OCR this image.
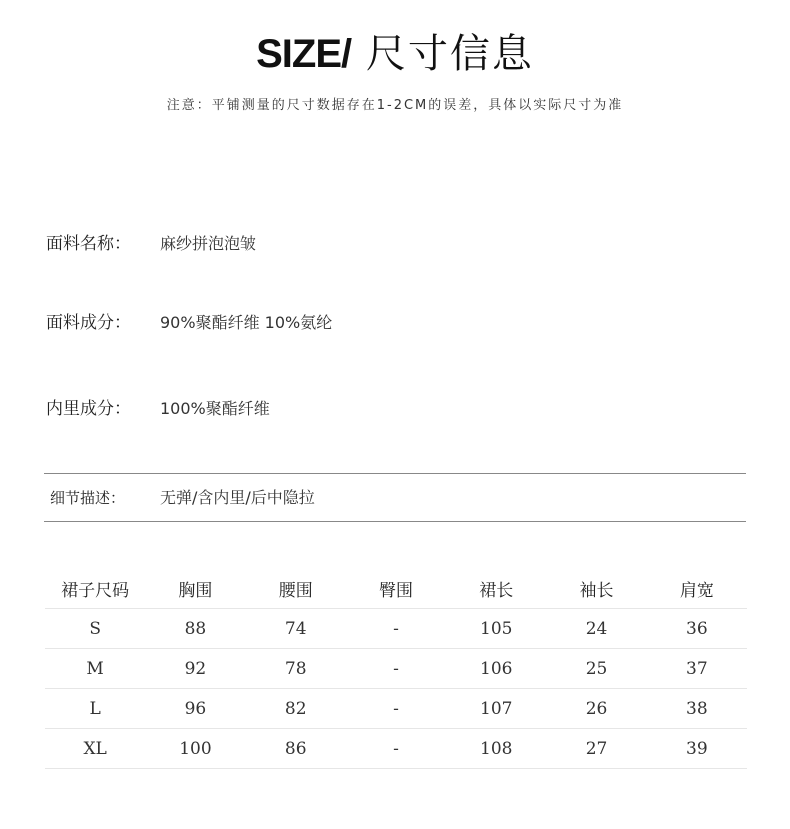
SIZE/ 尺寸信息
注意：平铺测量的尺寸数据存在1-2CM的误差，具体以实际尺寸为准
面料名称： 麻纱拼泡泡皱
面料成分： 90%聚酯纤维 10%氨纶
内里成分： 100%聚酯纤维
细节描述： 无弹/含内里/后中隐拉
裙子尺码	胸围	腰围	臀围	裙长	袖长	肩宽
S	88	74	-	105	24	36
M	92	78	-	106	25	37
L	96	82	-	107	26	38
XL	100	86	-	108	27	39
